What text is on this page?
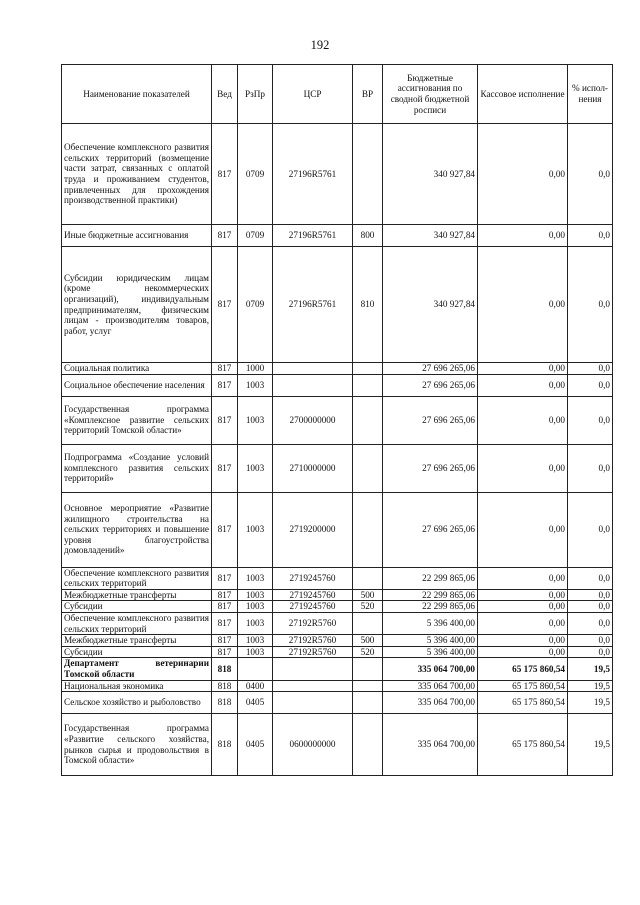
192
Наименование показателей	Вед	РзПр	ЦСР	ВР	Бюджетные ассигнования по сводной бюджетной росписи	Кассовое исполнение	% испол-нения
Обеспечение комплексного развития сельских территорий (возмещение части затрат, связанных с оплатой труда и проживанием студентов, привлеченных для прохождения производственной практики)	817	0709	27196R5761		340 927,84	0,00	0,0
Иные бюджетные ассигнования	817	0709	27196R5761	800	340 927,84	0,00	0,0
Субсидии юридическим лицам (кроме некоммерческих организаций), индивидуальным предпринимателям, физическим лицам - производителям товаров, работ, услуг	817	0709	27196R5761	810	340 927,84	0,00	0,0
Социальная политика	817	1000			27 696 265,06	0,00	0,0
Социальное обеспечение населения	817	1003			27 696 265,06	0,00	0,0
Государственная программа «Комплексное развитие сельских территорий Томской области»	817	1003	2700000000		27 696 265,06	0,00	0,0
Подпрограмма «Создание условий комплексного развития сельских территорий»	817	1003	2710000000		27 696 265,06	0,00	0,0
Основное мероприятие «Развитие жилищного строительства на сельских территориях и повышение уровня благоустройства домовладений»	817	1003	2719200000		27 696 265,06	0,00	0,0
Обеспечение комплексного развития сельских территорий	817	1003	2719245760		22 299 865,06	0,00	0,0
Межбюджетные трансферты	817	1003	2719245760	500	22 299 865,06	0,00	0,0
Субсидии	817	1003	2719245760	520	22 299 865,06	0,00	0,0
Обеспечение комплексного развития сельских территорий	817	1003	27192R5760		5 396 400,00	0,00	0,0
Межбюджетные трансферты	817	1003	27192R5760	500	5 396 400,00	0,00	0,0
Субсидии	817	1003	27192R5760	520	5 396 400,00	0,00	0,0
Департамент ветеринарии Томской области	818				335 064 700,00	65 175 860,54	19,5
Национальная экономика	818	0400			335 064 700,00	65 175 860,54	19,5
Сельское хозяйство и рыболовство	818	0405			335 064 700,00	65 175 860,54	19,5
Государственная программа «Развитие сельского хозяйства, рынков сырья и продовольствия в Томской области»	818	0405	0600000000		335 064 700,00	65 175 860,54	19,5
